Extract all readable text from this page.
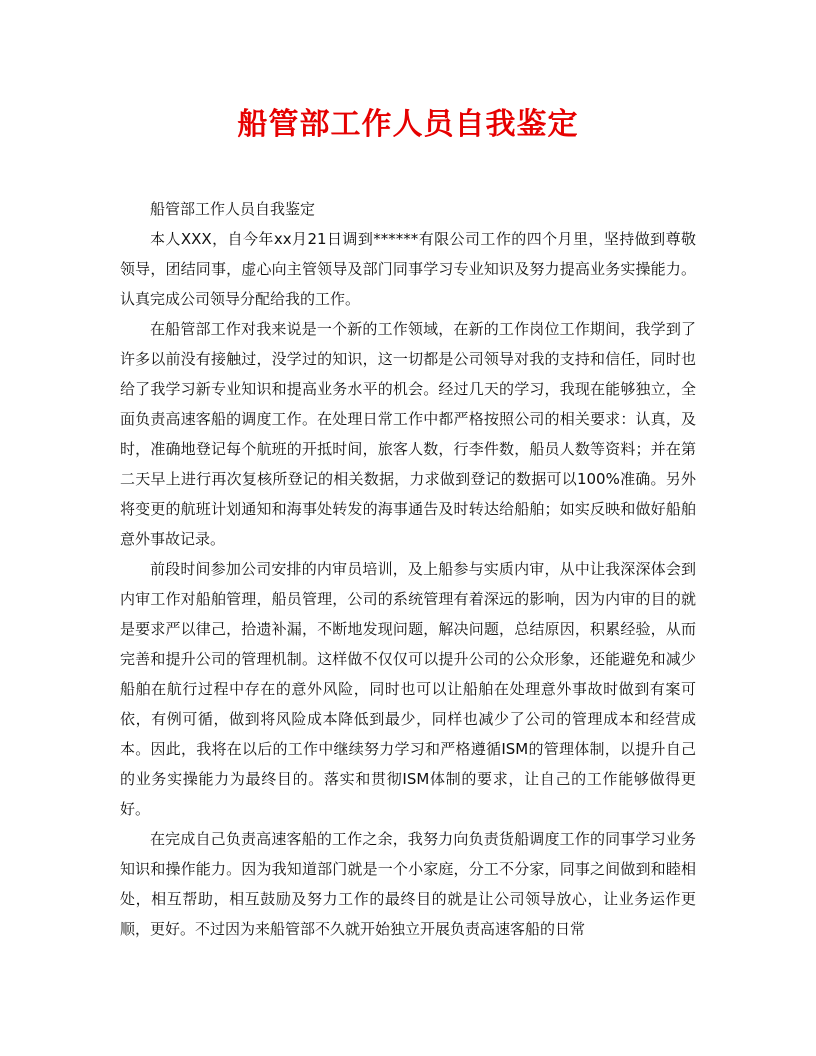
船管部工作人员自我鉴定

船管部工作人员自我鉴定

本人XXX，自今年xx月21日调到******有限公司工作的四个月里，坚持做到尊敬领导，团结同事，虚心向主管领导及部门同事学习专业知识及努力提高业务实操能力。认真完成公司领导分配给我的工作。

在船管部工作对我来说是一个新的工作领域，在新的工作岗位工作期间，我学到了许多以前没有接触过，没学过的知识，这一切都是公司领导对我的支持和信任，同时也给了我学习新专业知识和提高业务水平的机会。经过几天的学习，我现在能够独立，全面负责高速客船的调度工作。在处理日常工作中都严格按照公司的相关要求：认真，及时，准确地登记每个航班的开抵时间，旅客人数，行李件数，船员人数等资料；并在第二天早上进行再次复核所登记的相关数据，力求做到登记的数据可以100%准确。另外将变更的航班计划通知和海事处转发的海事通告及时转达给船舶；如实反映和做好船舶意外事故记录。

前段时间参加公司安排的内审员培训，及上船参与实质内审，从中让我深深体会到内审工作对船舶管理，船员管理，公司的系统管理有着深远的影响，因为内审的目的就是要求严以律己，拾遗补漏，不断地发现问题，解决问题，总结原因，积累经验，从而完善和提升公司的管理机制。这样做不仅仅可以提升公司的公众形象，还能避免和减少船舶在航行过程中存在的意外风险，同时也可以让船舶在处理意外事故时做到有案可依，有例可循，做到将风险成本降低到最少，同样也减少了公司的管理成本和经营成本。因此，我将在以后的工作中继续努力学习和严格遵循ISM的管理体制，以提升自己的业务实操能力为最终目的。落实和贯彻ISM体制的要求，让自己的工作能够做得更好。

在完成自己负责高速客船的工作之余，我努力向负责货船调度工作的同事学习业务知识和操作能力。因为我知道部门就是一个小家庭，分工不分家，同事之间做到和睦相处，相互帮助，相互鼓励及努力工作的最终目的就是让公司领导放心，让业务运作更顺，更好。不过因为来船管部不久就开始独立开展负责高速客船的日常
